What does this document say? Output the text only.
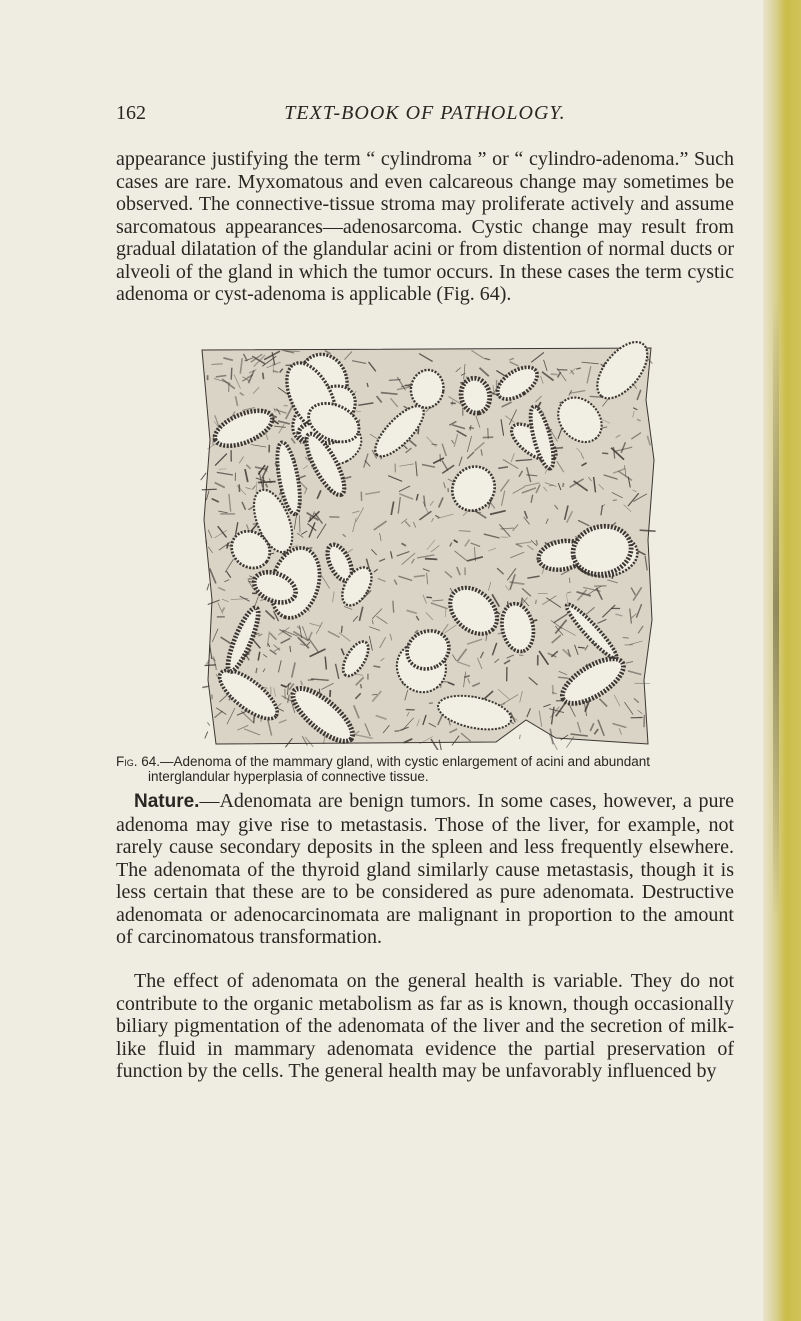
162	TEXT-BOOK OF PATHOLOGY.

appearance justifying the term “ cylindroma ” or “ cylindro-adenoma.” Such cases are rare. Myxomatous and even calcareous change may sometimes be observed. The connective-tissue stroma may proliferate actively and assume sarcomatous appearances—adenosarcoma. Cystic change may result from gradual dilatation of the glandular acini or from distention of normal ducts or alveoli of the gland in which the tumor occurs. In these cases the term cystic adenoma or cyst-adenoma is applicable (Fig. 64).

Fig. 64.—Adenoma of the mammary gland, with cystic enlargement of acini and abundant
interglandular hyperplasia of connective tissue.

Nature.—Adenomata are benign tumors. In some cases, however, a pure adenoma may give rise to metastasis. Those of the liver, for example, not rarely cause secondary deposits in the spleen and less frequently elsewhere. The adenomata of the thyroid gland similarly cause metastasis, though it is less certain that these are to be considered as pure adenomata. Destructive adenomata or adenocarcinomata are malignant in proportion to the amount of carcinomatous transformation.

The effect of adenomata on the general health is variable. They do not contribute to the organic metabolism as far as is known, though occasionally biliary pigmentation of the adenomata of the liver and the secretion of milk-like fluid in mammary adenomata evidence the partial preservation of function by the cells. The general health may be unfavorably influenced by
